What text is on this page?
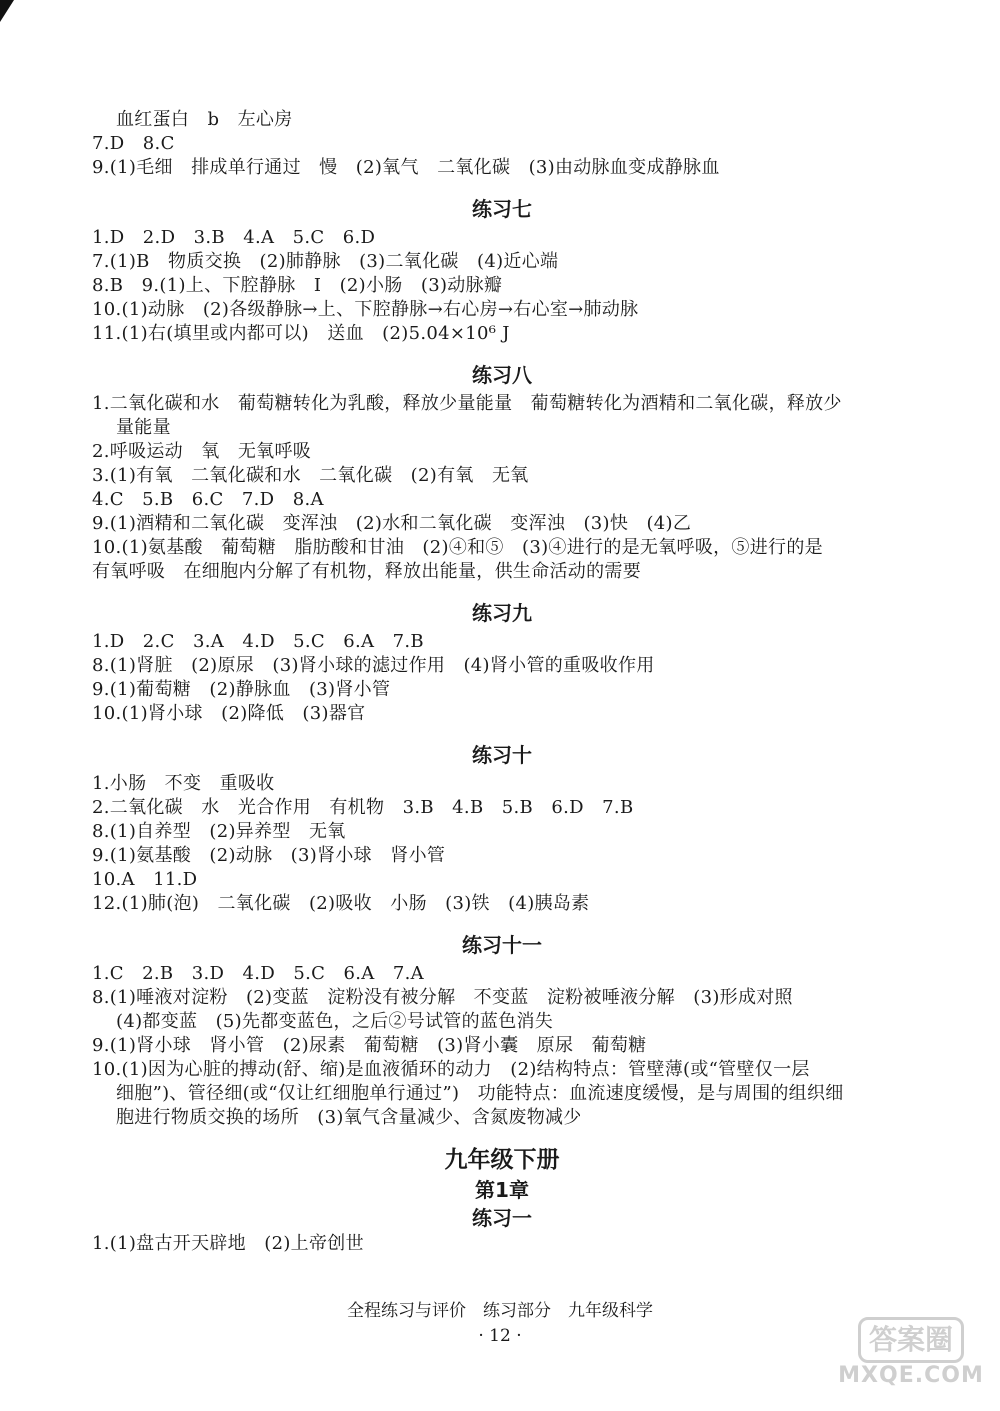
血红蛋白　b　左心房
7.D　8.C
9.(1)毛细　排成单行通过　慢　(2)氧气　二氧化碳　(3)由动脉血变成静脉血
练习七
1.D　2.D　3.B　4.A　5.C　6.D
7.(1)B　物质交换　(2)肺静脉　(3)二氧化碳　(4)近心端
8.B　9.(1)上、下腔静脉　I　(2)小肠　(3)动脉瓣
10.(1)动脉　(2)各级静脉→上、下腔静脉→右心房→右心室→肺动脉
11.(1)右(填里或内都可以)　送血　(2)5.04×10⁶ J
练习八
1.二氧化碳和水　葡萄糖转化为乳酸，释放少量能量　葡萄糖转化为酒精和二氧化碳，释放少
量能量
2.呼吸运动　氧　无氧呼吸
3.(1)有氧　二氧化碳和水　二氧化碳　(2)有氧　无氧
4.C　5.B　6.C　7.D　8.A
9.(1)酒精和二氧化碳　变浑浊　(2)水和二氧化碳　变浑浊　(3)快　(4)乙
10.(1)氨基酸　葡萄糖　脂肪酸和甘油　(2)④和⑤　(3)④进行的是无氧呼吸，⑤进行的是
有氧呼吸　在细胞内分解了有机物，释放出能量，供生命活动的需要
练习九
1.D　2.C　3.A　4.D　5.C　6.A　7.B
8.(1)肾脏　(2)原尿　(3)肾小球的滤过作用　(4)肾小管的重吸收作用
9.(1)葡萄糖　(2)静脉血　(3)肾小管
10.(1)肾小球　(2)降低　(3)器官
练习十
1.小肠　不变　重吸收
2.二氧化碳　水　光合作用　有机物　3.B　4.B　5.B　6.D　7.B
8.(1)自养型　(2)异养型　无氧
9.(1)氨基酸　(2)动脉　(3)肾小球　肾小管
10.A　11.D
12.(1)肺(泡)　二氧化碳　(2)吸收　小肠　(3)铁　(4)胰岛素
练习十一
1.C　2.B　3.D　4.D　5.C　6.A　7.A
8.(1)唾液对淀粉　(2)变蓝　淀粉没有被分解　不变蓝　淀粉被唾液分解　(3)形成对照
(4)都变蓝　(5)先都变蓝色，之后②号试管的蓝色消失
9.(1)肾小球　肾小管　(2)尿素　葡萄糖　(3)肾小囊　原尿　葡萄糖
10.(1)因为心脏的搏动(舒、缩)是血液循环的动力　(2)结构特点：管壁薄(或“管壁仅一层
细胞”)、管径细(或“仅让红细胞单行通过”)　功能特点：血流速度缓慢，是与周围的组织细
胞进行物质交换的场所　(3)氧气含量减少、含氮废物减少
九年级下册
第1章
练习一
1.(1)盘古开天辟地　(2)上帝创世
全程练习与评价　练习部分　九年级科学
· 12 ·	答案圈
MXQE.COM
